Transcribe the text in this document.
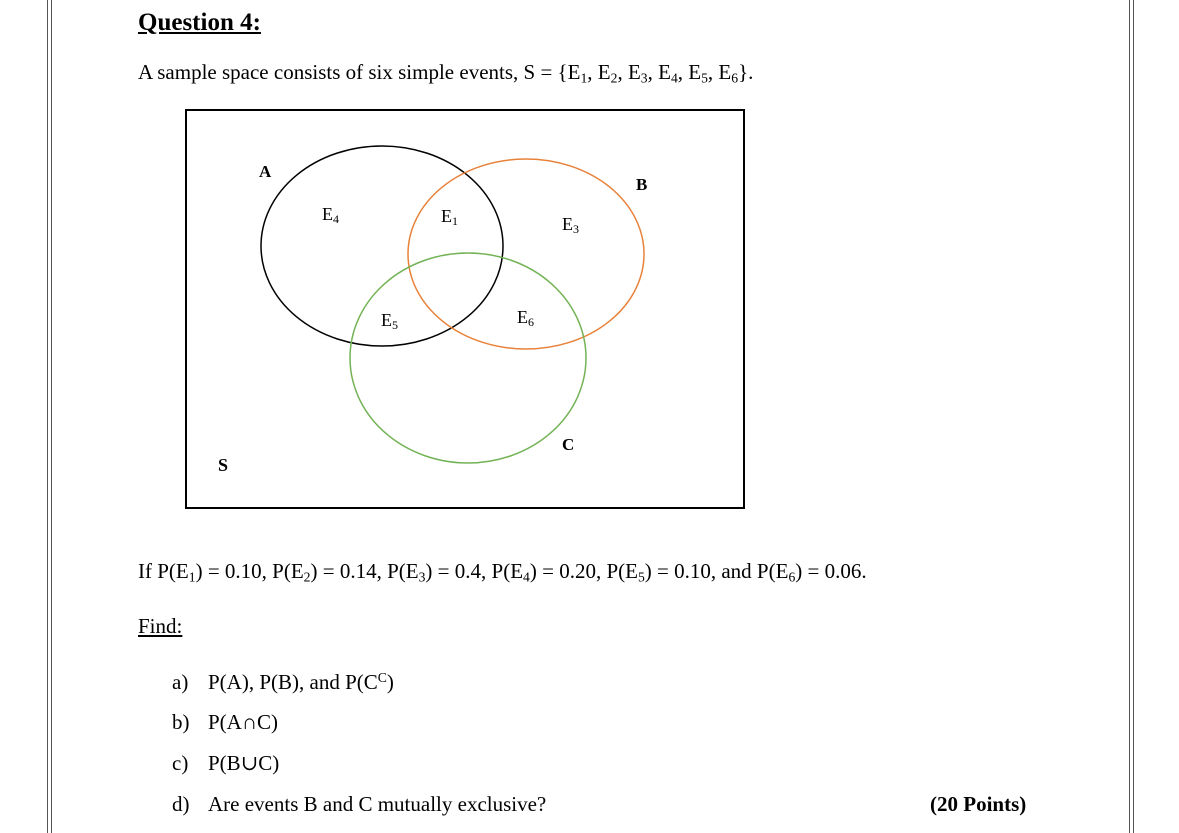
Question 4:
A sample space consists of six simple events, $S = \{E_1$, $E_2$, $E_3$, $E_4$, $E_5$, $E_6$}.
A
B
C
S
E4	E1	E3
E5	E6
If $P(E_1) = 0.10$, $P(E_2) = 0.14$, $P(E_3) = 0.4$, $P(E_4) = 0.20$, $P(E_5) = 0.10$, and $P(E_6) = 0.06$.
Find:
a) P(A), P(B), and $P(C^C)$
b) P(A∩C)
c) P(B∪C)
d) Are events B and C mutually exclusive?	(20 Points)
